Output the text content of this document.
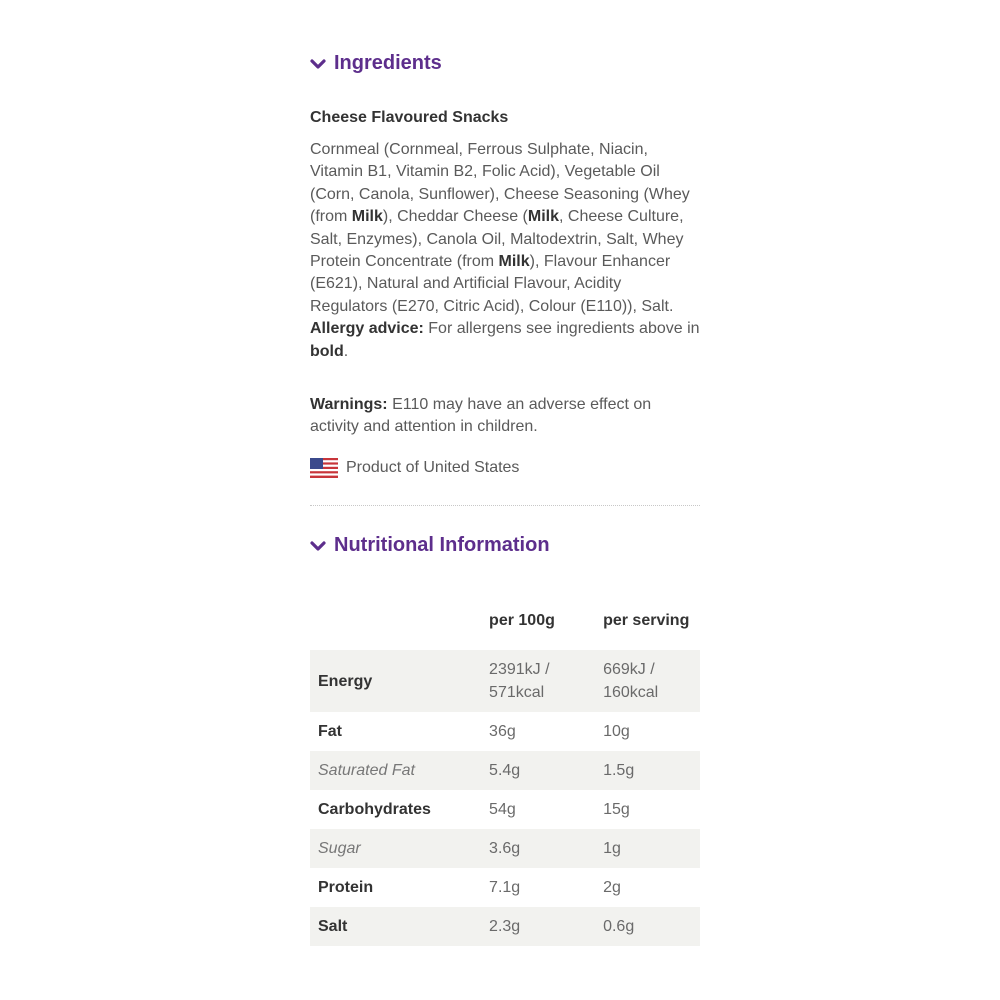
Ingredients
Cheese Flavoured Snacks
Cornmeal (Cornmeal, Ferrous Sulphate, Niacin, Vitamin B1, Vitamin B2, Folic Acid), Vegetable Oil (Corn, Canola, Sunflower), Cheese Seasoning (Whey (from Milk), Cheddar Cheese (Milk, Cheese Culture, Salt, Enzymes), Canola Oil, Maltodextrin, Salt, Whey Protein Concentrate (from Milk), Flavour Enhancer (E621), Natural and Artificial Flavour, Acidity Regulators (E270, Citric Acid), Colour (E110)), Salt.
Allergy advice: For allergens see ingredients above in bold.
Warnings: E110 may have an adverse effect on activity and attention in children.
Product of United States
Nutritional Information
	per 100g	per serving
Energy	2391kJ / 571kcal	669kJ / 160kcal
Fat	36g	10g
Saturated Fat	5.4g	1.5g
Carbohydrates	54g	15g
Sugar	3.6g	1g
Protein	7.1g	2g
Salt	2.3g	0.6g
